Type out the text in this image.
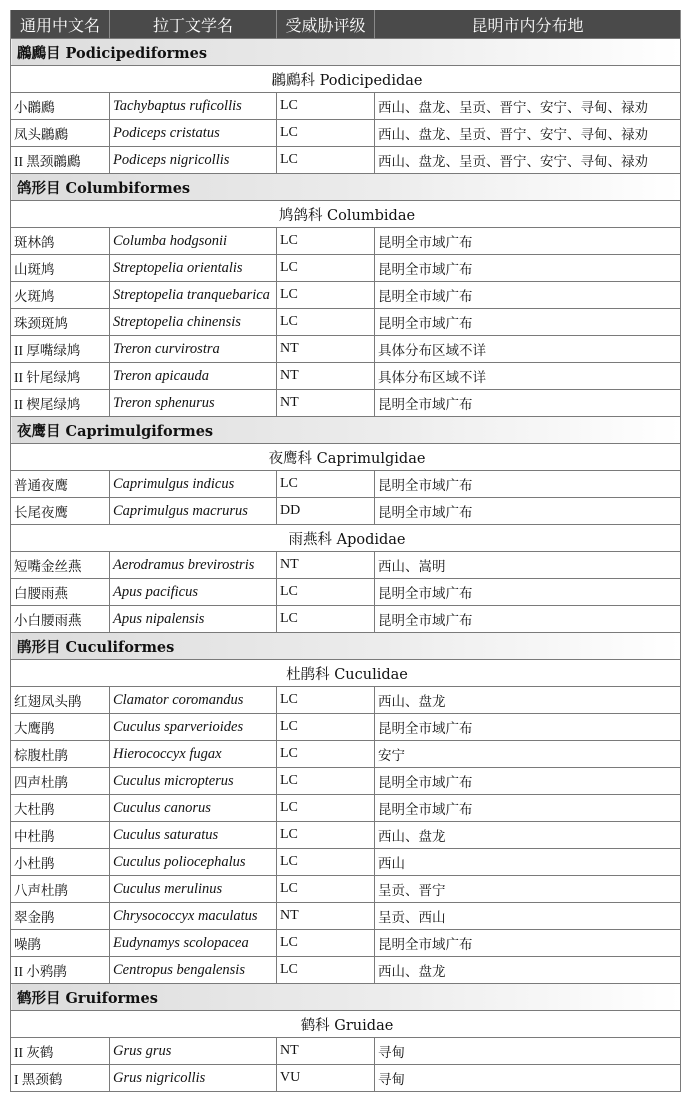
通用中文名	拉丁文学名	受威胁评级	昆明市内分布地
鸊鷉目 Podicipediformes			
鸊鷉科 Podicipedidae			
小鸊鷉	Tachybaptus ruficollis	LC	西山、盘龙、呈贡、晋宁、安宁、寻甸、禄劝
凤头鸊鷉	Podiceps cristatus	LC	西山、盘龙、呈贡、晋宁、安宁、寻甸、禄劝
II 黑颈鸊鷉	Podiceps nigricollis	LC	西山、盘龙、呈贡、晋宁、安宁、寻甸、禄劝
鸽形目 Columbiformes			
鸠鸽科 Columbidae			
斑林鸽	Columba hodgsonii	LC	昆明全市域广布
山斑鸠	Streptopelia orientalis	LC	昆明全市域广布
火斑鸠	Streptopelia tranquebarica	LC	昆明全市域广布
珠颈斑鸠	Streptopelia chinensis	LC	昆明全市域广布
II 厚嘴绿鸠	Treron curvirostra	NT	具体分布区域不详
II 针尾绿鸠	Treron apicauda	NT	具体分布区域不详
II 楔尾绿鸠	Treron sphenurus	NT	昆明全市域广布
夜鹰目 Caprimulgiformes			
夜鹰科 Caprimulgidae			
普通夜鹰	Caprimulgus indicus	LC	昆明全市域广布
长尾夜鹰	Caprimulgus macrurus	DD	昆明全市域广布
雨燕科 Apodidae			
短嘴金丝燕	Aerodramus brevirostris	NT	西山、嵩明
白腰雨燕	Apus pacificus	LC	昆明全市域广布
小白腰雨燕	Apus nipalensis	LC	昆明全市域广布
鹃形目 Cuculiformes			
杜鹃科 Cuculidae			
红翅凤头鹃	Clamator coromandus	LC	西山、盘龙
大鹰鹃	Cuculus sparverioides	LC	昆明全市域广布
棕腹杜鹃	Hierococcyx fugax	LC	安宁
四声杜鹃	Cuculus micropterus	LC	昆明全市域广布
大杜鹃	Cuculus canorus	LC	昆明全市域广布
中杜鹃	Cuculus saturatus	LC	西山、盘龙
小杜鹃	Cuculus poliocephalus	LC	西山
八声杜鹃	Cuculus merulinus	LC	呈贡、晋宁
翠金鹃	Chrysococcyx maculatus	NT	呈贡、西山
噪鹃	Eudynamys scolopacea	LC	昆明全市域广布
II 小鸦鹃	Centropus bengalensis	LC	西山、盘龙
鹤形目 Gruiformes			
鹤科 Gruidae			
II 灰鹤	Grus grus	NT	寻甸
I 黑颈鹤	Grus nigricollis	VU	寻甸
